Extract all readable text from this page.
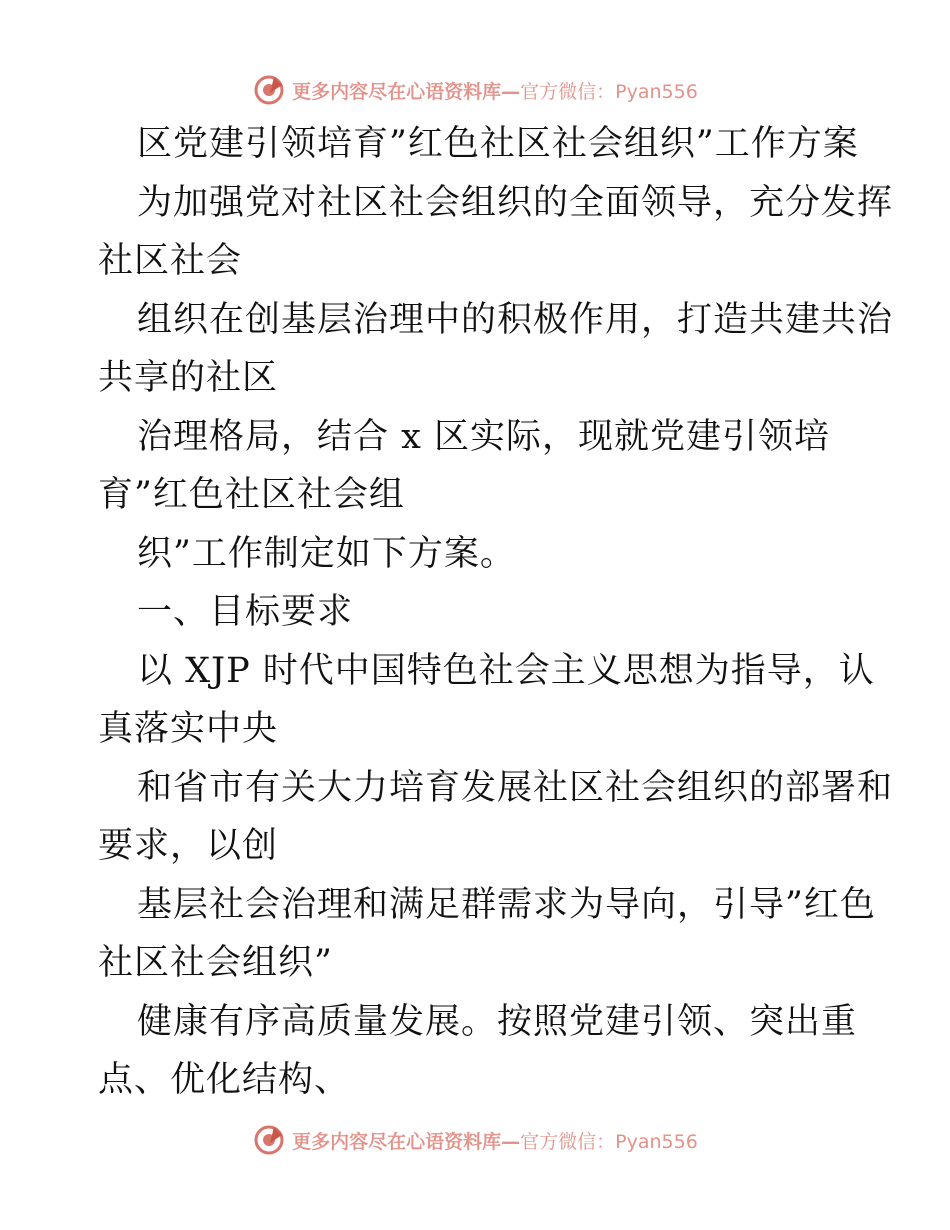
更多内容尽在心语资料库—官方微信：Pyan556
区党建引领培育”红色社区社会组织”工作方案
为加强党对社区社会组织的全面领导，充分发挥
社区社会
组织在创基层治理中的积极作用，打造共建共治
共享的社区
治理格局，结合 x 区实际，现就党建引领培
育”红色社区社会组
织”工作制定如下方案。
一、目标要求
以 XJP 时代中国特色社会主义思想为指导，认
真落实中央
和省市有关大力培育发展社区社会组织的部署和
要求，以创
基层社会治理和满足群需求为导向，引导”红色
社区社会组织”
健康有序高质量发展。按照党建引领、突出重
点、优化结构、
更多内容尽在心语资料库—官方微信：Pyan556
